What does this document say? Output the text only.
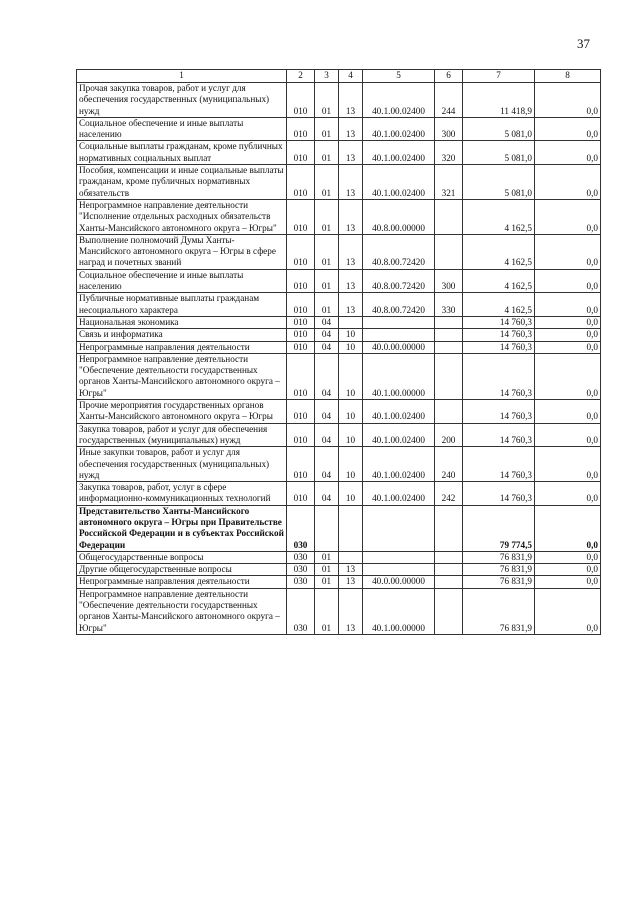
37
1	2	3	4	5	6	7	8
Прочая закупка товаров, работ и услуг для обеспечения государственных (муниципальных) нужд	010	01	13	40.1.00.02400	244	11 418,9	0,0
Социальное обеспечение и иные выплаты населению	010	01	13	40.1.00.02400	300	5 081,0	0,0
Социальные выплаты гражданам, кроме публичных нормативных социальных выплат	010	01	13	40.1.00.02400	320	5 081,0	0,0
Пособия, компенсации и иные социальные выплаты гражданам, кроме публичных нормативных обязательств	010	01	13	40.1.00.02400	321	5 081,0	0,0
Непрограммное направление деятельности "Исполнение отдельных расходных обязательств Ханты-Мансийского автономного округа – Югры"	010	01	13	40.8.00.00000		4 162,5	0,0
Выполнение полномочий Думы Ханты-Мансийского автономного округа – Югры в сфере наград и почетных званий	010	01	13	40.8.00.72420		4 162,5	0,0
Социальное обеспечение и иные выплаты населению	010	01	13	40.8.00.72420	300	4 162,5	0,0
Публичные нормативные выплаты гражданам несоциального характера	010	01	13	40.8.00.72420	330	4 162,5	0,0
Национальная экономика	010	04				14 760,3	0,0
Связь и информатика	010	04	10			14 760,3	0,0
Непрограммные направления деятельности	010	04	10	40.0.00.00000		14 760,3	0,0
Непрограммное направление деятельности "Обеспечение деятельности государственных органов Ханты-Мансийского автономного округа – Югры"	010	04	10	40.1.00.00000		14 760,3	0,0
Прочие мероприятия государственных органов Ханты-Мансийского автономного округа – Югры	010	04	10	40.1.00.02400		14 760,3	0,0
Закупка товаров, работ и услуг для обеспечения государственных (муниципальных) нужд	010	04	10	40.1.00.02400	200	14 760,3	0,0
Иные закупки товаров, работ и услуг для обеспечения государственных (муниципальных) нужд	010	04	10	40.1.00.02400	240	14 760,3	0,0
Закупка товаров, работ, услуг в сфере информационно-коммуникационных технологий	010	04	10	40.1.00.02400	242	14 760,3	0,0
Представительство Ханты-Мансийского автономного округа – Югры при Правительстве Российской Федерации и в субъектах Российской Федерации	030					79 774,5	0,0
Общегосударственные вопросы	030	01				76 831,9	0,0
Другие общегосударственные вопросы	030	01	13			76 831,9	0,0
Непрограммные направления деятельности	030	01	13	40.0.00.00000		76 831,9	0,0
Непрограммное направление деятельности "Обеспечение деятельности государственных органов Ханты-Мансийского автономного округа – Югры"	030	01	13	40.1.00.00000		76 831,9	0,0
